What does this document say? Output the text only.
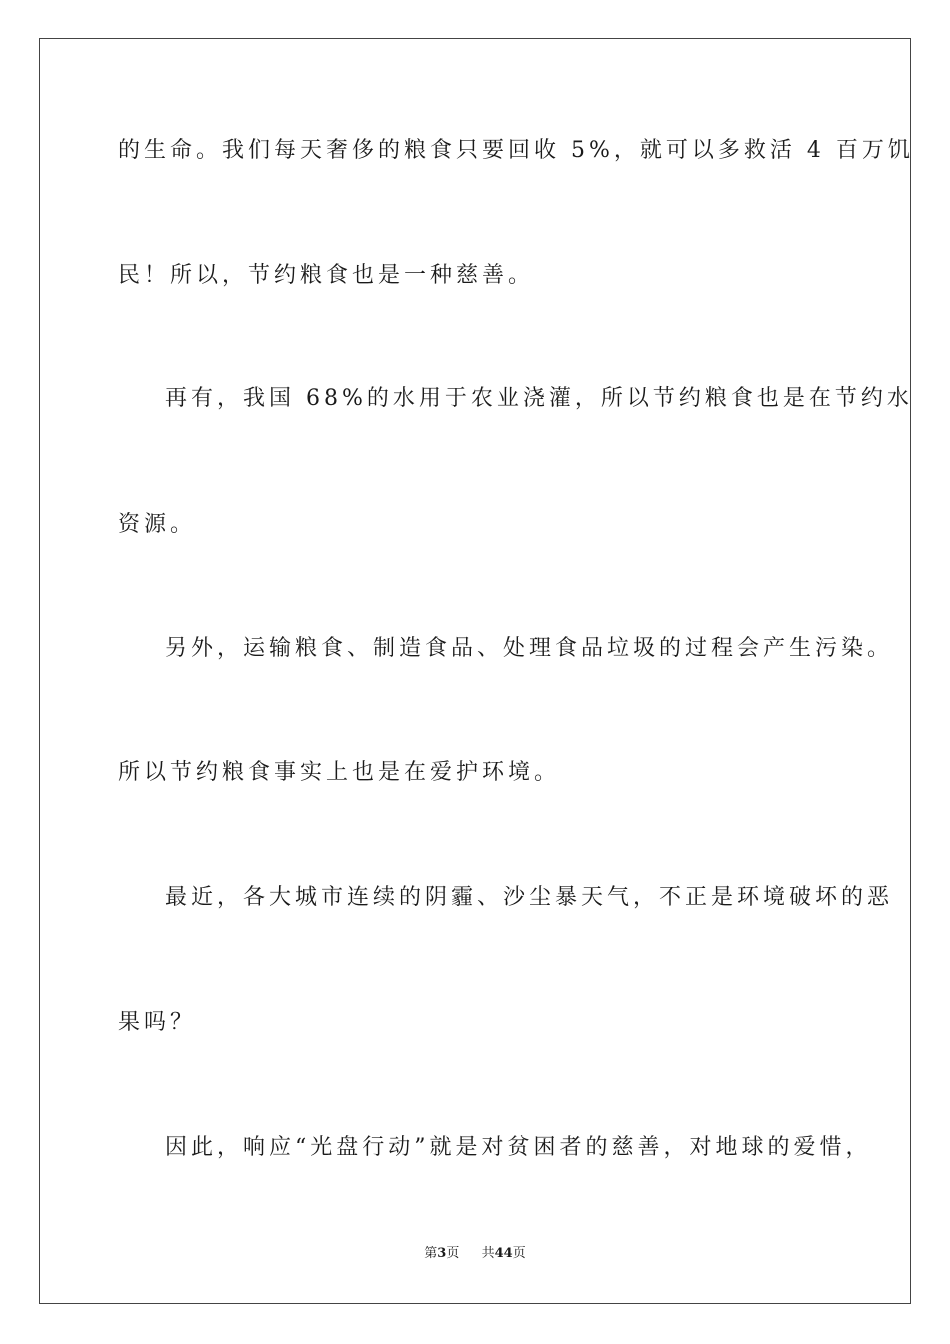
的生命。我们每天奢侈的粮食只要回收 5%，就可以多救活 4 百万饥

民！所以，节约粮食也是一种慈善。

再有，我国 68%的水用于农业浇灌，所以节约粮食也是在节约水

资源。

另外，运输粮食、制造食品、处理食品垃圾的过程会产生污染。

所以节约粮食事实上也是在爱护环境。

最近，各大城市连续的阴霾、沙尘暴天气，不正是环境破坏的恶

果吗？

因此，响应“光盘行动”就是对贫困者的慈善，对地球的爱惜，

第3页 共44页
